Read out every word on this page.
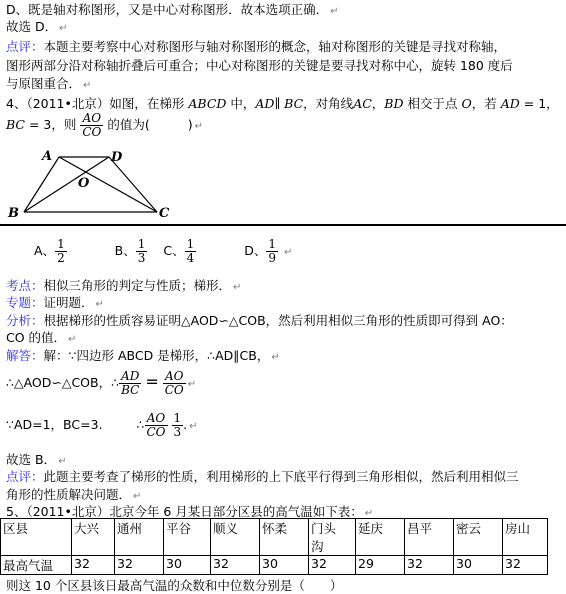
D、既是轴对称图形，又是中心对称图形．故本选项正确． ↵
故选 D． ↵
点评：本题主要考察中心对称图形与轴对称图形的概念，轴对称图形的关键是寻找对称轴，
图形两部分沿对称轴折叠后可重合；中心对称图形的关键是要寻找对称中心，旋转 180 度后
与原图重合． ↵
4、（2011•北京）如图，在梯形 ABCD 中，AD∥ BC，对角线AC，BD 相交于点 O，若 AD = 1，
BC = 3，则 $\frac{AO}{CO}$ 的值为(	) ↵
A	D
O
B	C
A、 $\frac{1}{2}$	B、 $\frac{1}{3}$ C、 $\frac{1}{4}$	D、 $\frac{1}{9}$ ↵
考点：相似三角形的判定与性质；梯形． ↵
专题：证明题． ↵
分析：根据梯形的性质容易证明△AOD∽△COB，然后利用相似三角形的性质即可得到 AO：
CO 的值． ↵
解答：解：∵四边形 ABCD 是梯形，∴AD∥CB， ↵
∴△AOD∽△COB，∴ $\frac{AD}{BC} = \frac{AO}{CO}$ ↵
∵AD=1，BC=3.	∴ $\frac{AO}{CO}$
$\frac{1}{3}$ . ↵
故选 B． ↵
点评：此题主要考查了梯形的性质，利用梯形的上下底平行得到三角形相似，然后利用相似三
角形的性质解决问题． ↵
5、（2011•北京）北京今年 6 月某日部分区县的高气温如下表： ↵
区县	大兴	通州	平谷	顺义	怀柔	门头
沟	延庆	昌平	密云	房山
最高气温	32	32	30	32	30	32	29	32	30	32
则这 10 个区县该日最高气温的众数和中位数分别是（　　）
